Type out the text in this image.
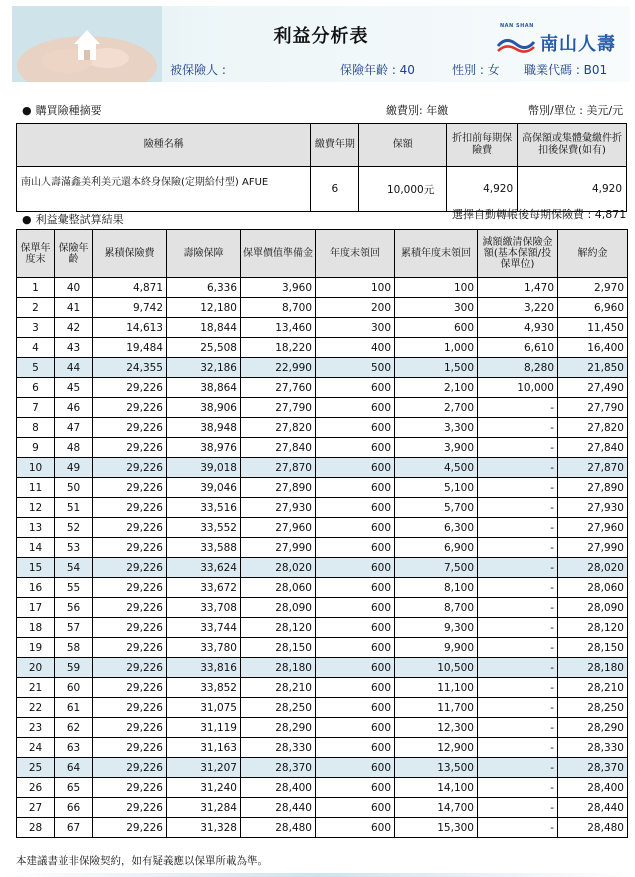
利益分析表	NAN SHAN
南山人壽
被保險人 :	保險年齡 : 40	性別 : 女 職業代碼 : B01
● 購買險種摘要	繳費別: 年繳	幣別/單位 : 美元/元
險種名稱	繳費年期	保額	折扣前每期保險費	高保額或集體彙繳件折扣後保費(如有)
南山人壽滿鑫美利美元還本終身保險(定期給付型) AFUE	6	10,000元	4,920	4,920
● 利益彙整試算結果	選擇自動轉帳後每期保險費 : 4,871
保單年度末	保險年齡	累積保險費	壽險保障	保單價值準備金	年度末領回	累積年度末領回	減額繳清保險金額(基本保額/投保單位)	解約金
1	40	4,871	6,336	3,960	100	100	1,470	2,970
2	41	9,742	12,180	8,700	200	300	3,220	6,960
3	42	14,613	18,844	13,460	300	600	4,930	11,450
4	43	19,484	25,508	18,220	400	1,000	6,610	16,400
5	44	24,355	32,186	22,990	500	1,500	8,280	21,850
6	45	29,226	38,864	27,760	600	2,100	10,000	27,490
7	46	29,226	38,906	27,790	600	2,700	-	27,790
8	47	29,226	38,948	27,820	600	3,300	-	27,820
9	48	29,226	38,976	27,840	600	3,900	-	27,840
10	49	29,226	39,018	27,870	600	4,500	-	27,870
11	50	29,226	39,046	27,890	600	5,100	-	27,890
12	51	29,226	33,516	27,930	600	5,700	-	27,930
13	52	29,226	33,552	27,960	600	6,300	-	27,960
14	53	29,226	33,588	27,990	600	6,900	-	27,990
15	54	29,226	33,624	28,020	600	7,500	-	28,020
16	55	29,226	33,672	28,060	600	8,100	-	28,060
17	56	29,226	33,708	28,090	600	8,700	-	28,090
18	57	29,226	33,744	28,120	600	9,300	-	28,120
19	58	29,226	33,780	28,150	600	9,900	-	28,150
20	59	29,226	33,816	28,180	600	10,500	-	28,180
21	60	29,226	33,852	28,210	600	11,100	-	28,210
22	61	29,226	31,075	28,250	600	11,700	-	28,250
23	62	29,226	31,119	28,290	600	12,300	-	28,290
24	63	29,226	31,163	28,330	600	12,900	-	28,330
25	64	29,226	31,207	28,370	600	13,500	-	28,370
26	65	29,226	31,240	28,400	600	14,100	-	28,400
27	66	29,226	31,284	28,440	600	14,700	-	28,440
28	67	29,226	31,328	28,480	600	15,300	-	28,480
本建議書並非保險契約，如有疑義應以保單所載為準。
